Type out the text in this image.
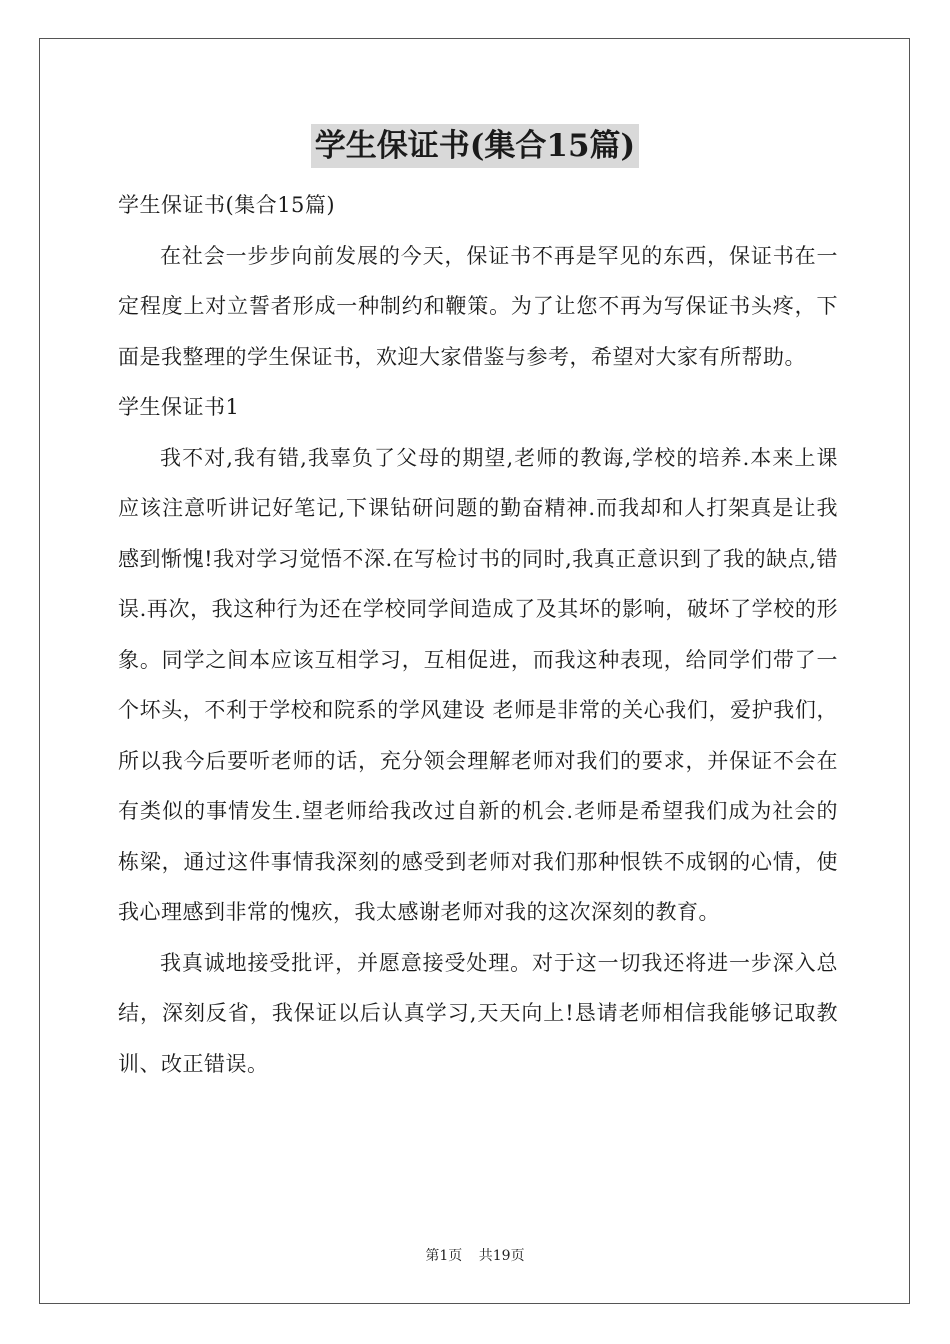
学生保证书(集合15篇)

学生保证书(集合15篇)

在社会一步步向前发展的今天，保证书不再是罕见的东西，保证书在一定程度上对立誓者形成一种制约和鞭策。为了让您不再为写保证书头疼，下面是我整理的学生保证书，欢迎大家借鉴与参考，希望对大家有所帮助。

学生保证书1

我不对,我有错,我辜负了父母的期望,老师的教诲,学校的培养.本来上课应该注意听讲记好笔记,下课钻研问题的勤奋精神.而我却和人打架真是让我感到惭愧!我对学习觉悟不深.在写检讨书的同时,我真正意识到了我的缺点,错误.再次，我这种行为还在学校同学间造成了及其坏的影响，破坏了学校的形象。同学之间本应该互相学习，互相促进，而我这种表现，给同学们带了一个坏头，不利于学校和院系的学风建设 老师是非常的关心我们，爱护我们，所以我今后要听老师的话，充分领会理解老师对我们的要求，并保证不会在有类似的事情发生.望老师给我改过自新的机会.老师是希望我们成为社会的栋梁，通过这件事情我深刻的感受到老师对我们那种恨铁不成钢的心情，使我心理感到非常的愧疚，我太感谢老师对我的这次深刻的教育。

我真诚地接受批评，并愿意接受处理。对于这一切我还将进一步深入总结，深刻反省，我保证以后认真学习,天天向上!恳请老师相信我能够记取教训、改正错误。

第1页 共19页
